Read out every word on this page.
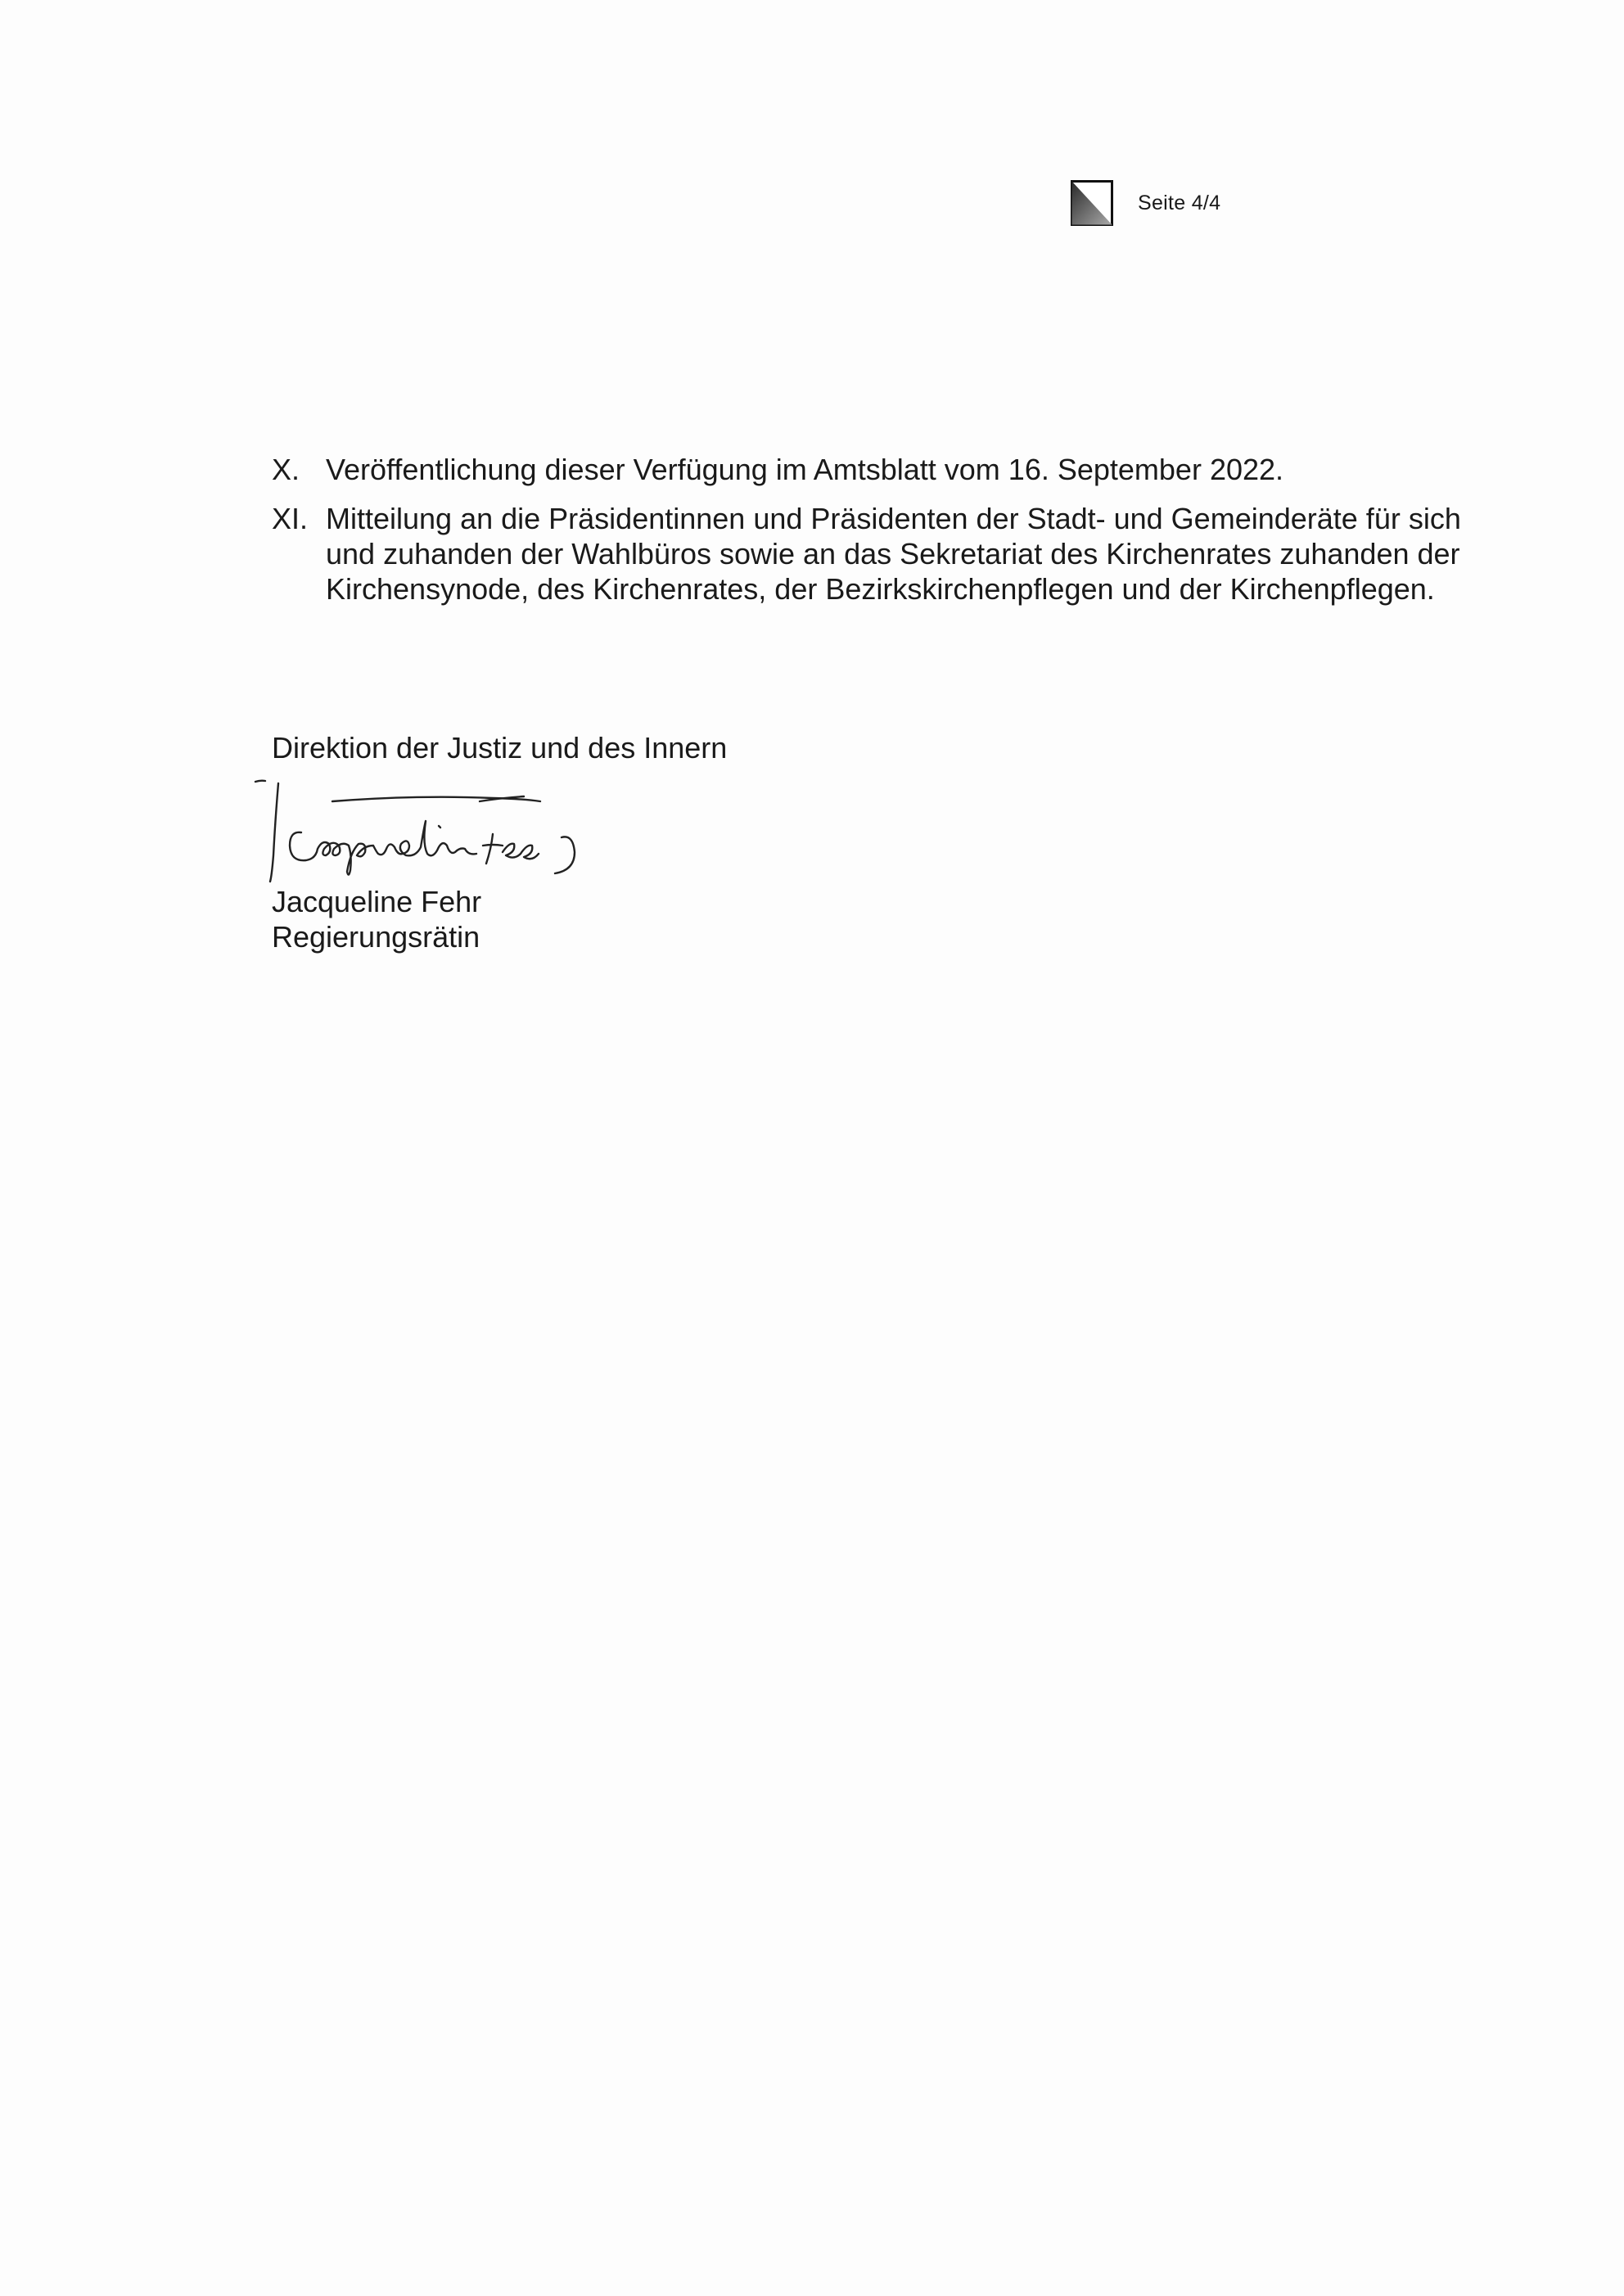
Seite 4/4
X. Veröffentlichung dieser Verfügung im Amtsblatt vom 16. September 2022.
XI. Mitteilung an die Präsidentinnen und Präsidenten der Stadt- und Gemeinderäte für sich und zuhanden der Wahlbüros sowie an das Sekretariat des Kirchenrates zuhanden der Kirchensynode, des Kirchenrates, der Bezirkskirchenpflegen und der Kirchenpflegen.
Direktion der Justiz und des Innern
Jacqueline Fehr
Regierungsrätin
